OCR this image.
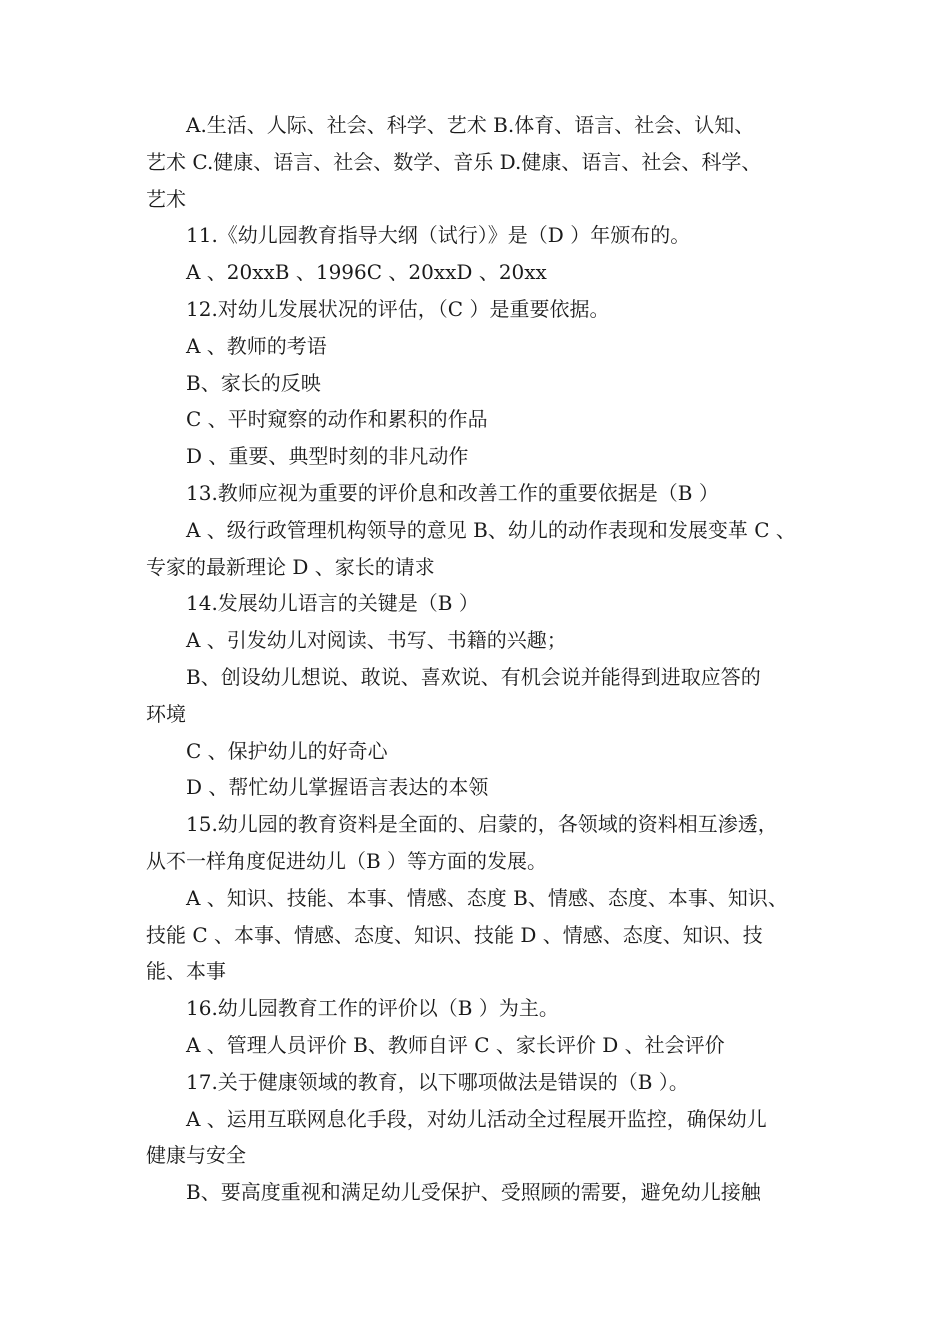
A.生活、人际、社会、科学、艺术 B.体育、语言、社会、认知、
艺术 C.健康、语言、社会、数学、音乐 D.健康、语言、社会、科学、
艺术

11.《幼儿园教育指导大纲（试行）》是（D ）年颁布的。

A 、20xxB 、1996C 、20xxD 、20xx

12.对幼儿发展状况的评估，（C ）是重要依据。

A 、教师的考语

B、家长的反映

C 、平时窥察的动作和累积的作品

D 、重要、典型时刻的非凡动作

13.教师应视为重要的评价息和改善工作的重要依据是（B ）

A 、级行政管理机构领导的意见 B、幼儿的动作表现和发展变革 C 、
专家的最新理论 D 、家长的请求

14.发展幼儿语言的关键是（B ）

A 、引发幼儿对阅读、书写、书籍的兴趣；

B、创设幼儿想说、敢说、喜欢说、有机会说并能得到进取应答的
环境

C 、保护幼儿的好奇心

D 、帮忙幼儿掌握语言表达的本领

15.幼儿园的教育资料是全面的、启蒙的，各领域的资料相互渗透，
从不一样角度促进幼儿（B ）等方面的发展。

A 、知识、技能、本事、情感、态度 B、情感、态度、本事、知识、
技能 C 、本事、情感、态度、知识、技能 D 、情感、态度、知识、技
能、本事

16.幼儿园教育工作的评价以（B ）为主。

A 、管理人员评价 B、教师自评 C 、家长评价 D 、社会评价

17.关于健康领域的教育，以下哪项做法是错误的（B ）。

A 、运用互联网息化手段，对幼儿活动全过程展开监控，确保幼儿
健康与安全

B、要高度重视和满足幼儿受保护、受照顾的需要，避免幼儿接触
